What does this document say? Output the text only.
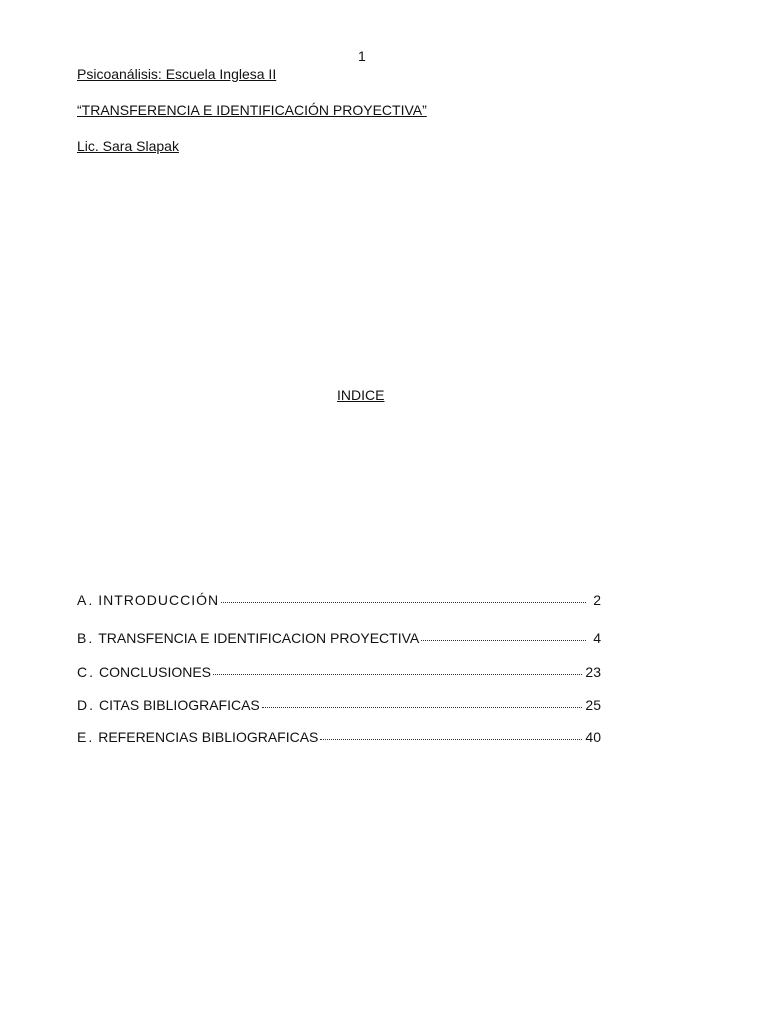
1
Psicoanálisis: Escuela Inglesa II
“TRANSFERENCIA E IDENTIFICACIÓN PROYECTIVA”
Lic. Sara Slapak
INDICE
A. INTRODUCCIÓN	2
B. TRANSFENCIA E IDENTIFICACION PROYECTIVA	4
C. CONCLUSIONES	23
D. CITAS BIBLIOGRAFICAS	25
E. REFERENCIAS BIBLIOGRAFICAS	40
